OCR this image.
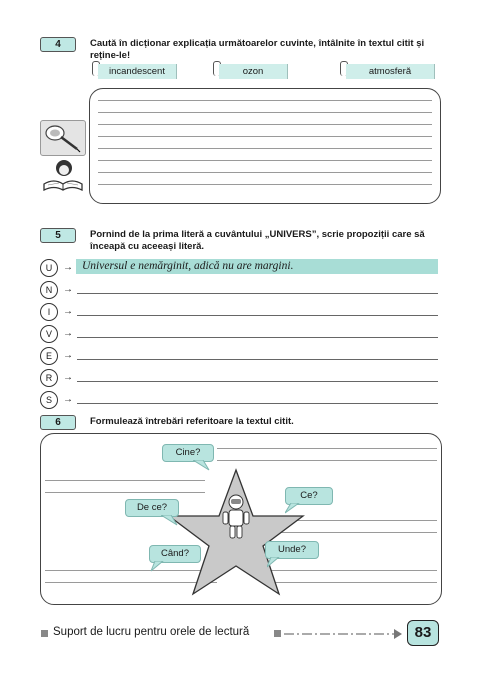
4	Caută în dicționar explicația următoarelor cuvinte, întâlnite în textul citit și reține-le!
incandescent	ozon	atmosferă
5	Pornind de la prima literă a cuvântului „UNIVERS”, scrie propoziții care să înceapă cu aceeași literă.
U	→ Universul e nemărginit, adică nu are margini.
N	→
I	→
V	→
E	→
R	→
S	→
6	Formulează întrebări referitoare la textul citit.
Cine?
Ce?
De ce?
Când?	Unde?
Suport de lucru pentru orele de lectură	83
